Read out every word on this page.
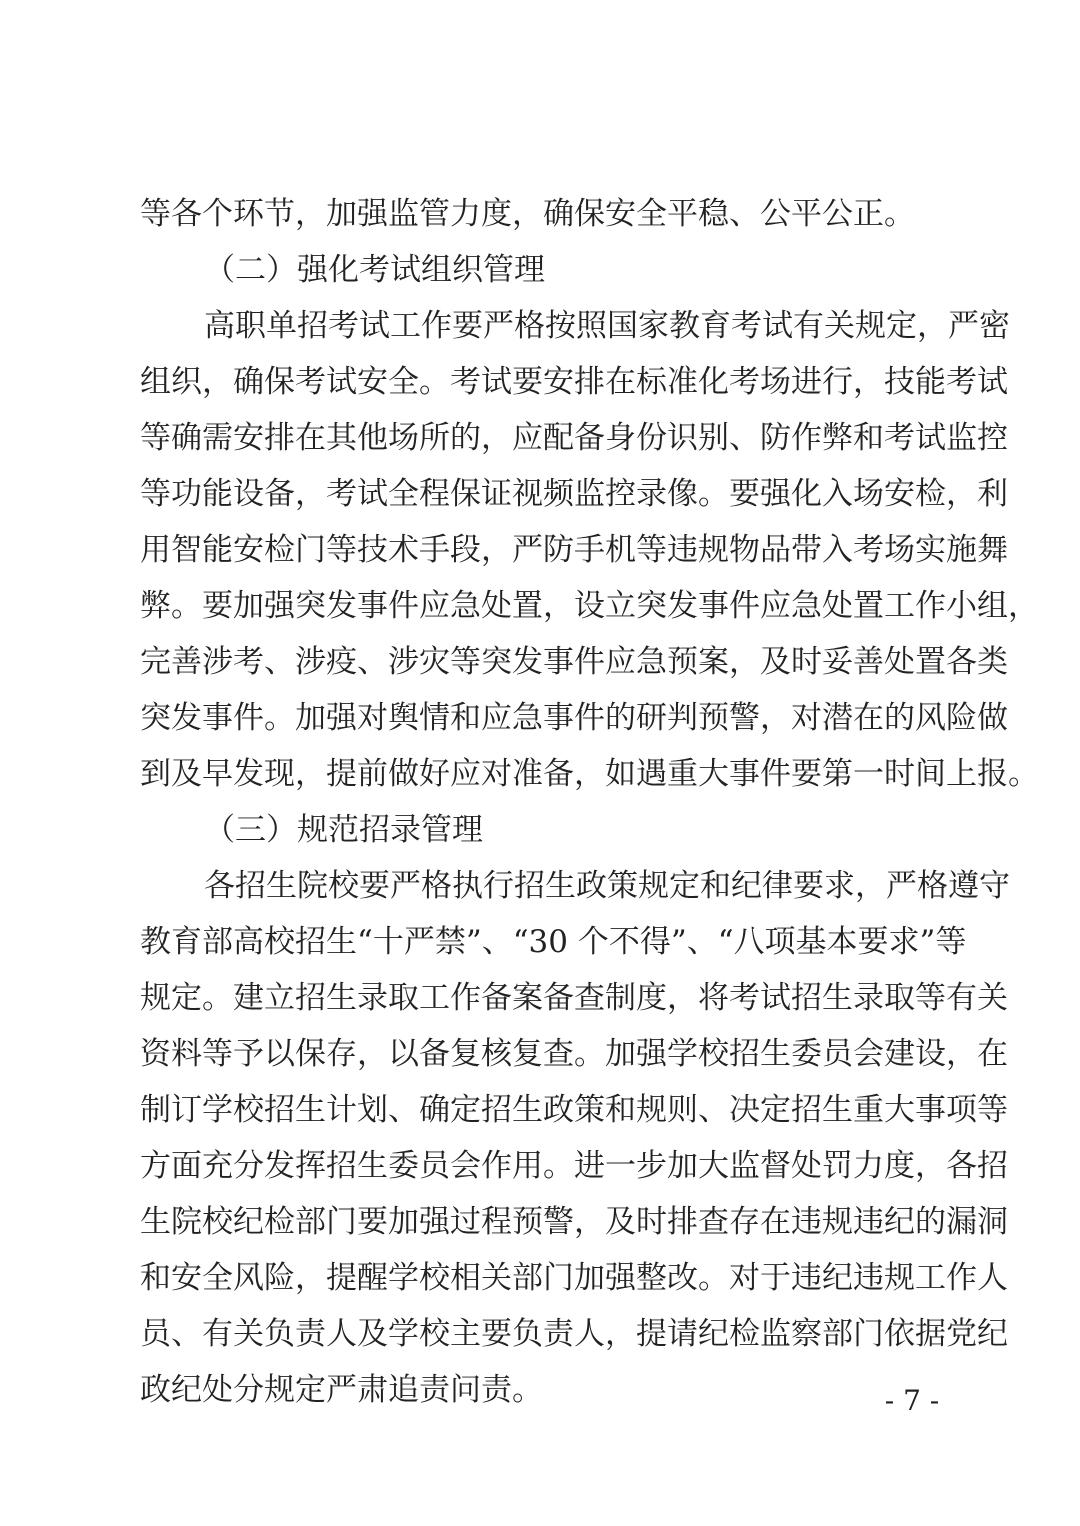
等各个环节，加强监管力度，确保安全平稳、公平公正。
（二）强化考试组织管理
高职单招考试工作要严格按照国家教育考试有关规定，严密
组织，确保考试安全。考试要安排在标准化考场进行，技能考试
等确需安排在其他场所的，应配备身份识别、防作弊和考试监控
等功能设备，考试全程保证视频监控录像。要强化入场安检，利
用智能安检门等技术手段，严防手机等违规物品带入考场实施舞
弊。要加强突发事件应急处置，设立突发事件应急处置工作小组，
完善涉考、涉疫、涉灾等突发事件应急预案，及时妥善处置各类
突发事件。加强对舆情和应急事件的研判预警，对潜在的风险做
到及早发现，提前做好应对准备，如遇重大事件要第一时间上报。
（三）规范招录管理
各招生院校要严格执行招生政策规定和纪律要求，严格遵守
教育部高校招生“十严禁”、“30 个不得”、“八项基本要求”等
规定。建立招生录取工作备案备查制度，将考试招生录取等有关
资料等予以保存，以备复核复查。加强学校招生委员会建设，在
制订学校招生计划、确定招生政策和规则、决定招生重大事项等
方面充分发挥招生委员会作用。进一步加大监督处罚力度，各招
生院校纪检部门要加强过程预警，及时排查存在违规违纪的漏洞
和安全风险，提醒学校相关部门加强整改。对于违纪违规工作人
员、有关负责人及学校主要负责人，提请纪检监察部门依据党纪
政纪处分规定严肃追责问责。	- 7 -
